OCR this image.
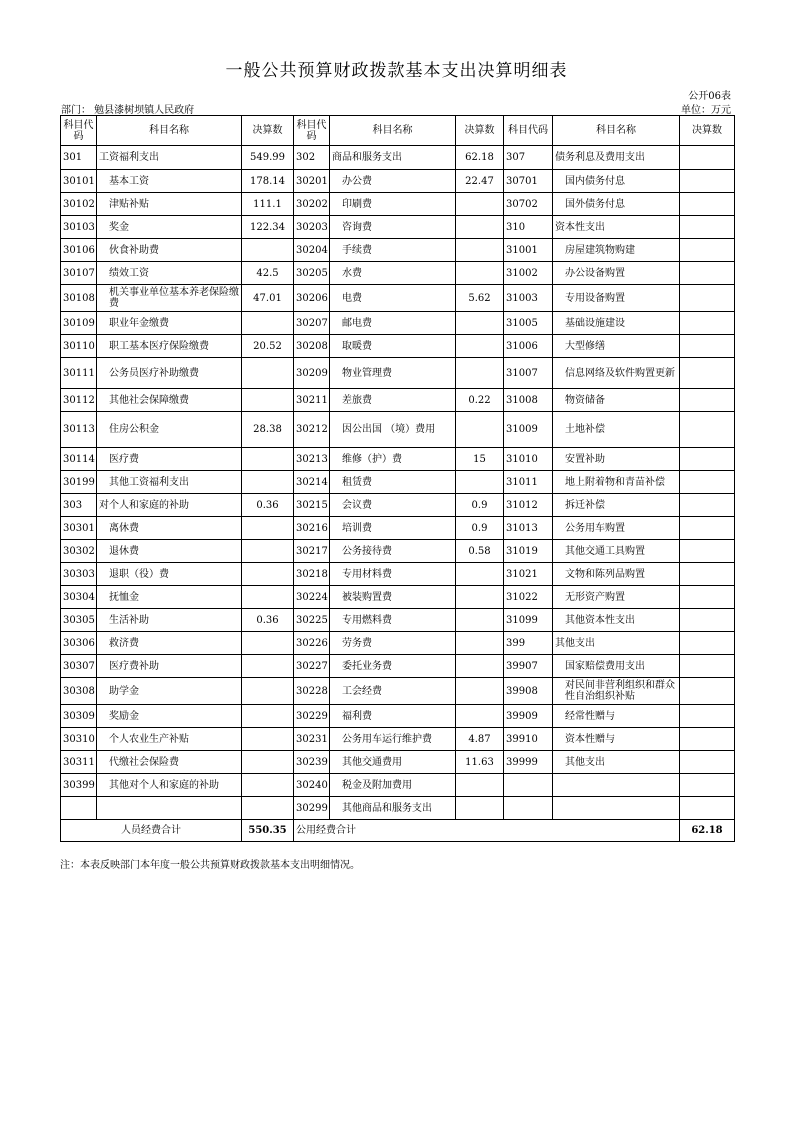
一般公共预算财政拨款基本支出决算明细表
公开06表
部门： 勉县漆树坝镇人民政府	单位：万元
科目代码	科目名称	决算数	科目代码	科目名称	决算数	科目代码	科目名称	决算数
301	工资福利支出	549.99	302	商品和服务支出	62.18	307	债务利息及费用支出	
30101	基本工资	178.14	30201	办公费	22.47	30701	国内债务付息	
30102	津贴补贴	111.1	30202	印刷费		30702	国外债务付息	
30103	奖金	122.34	30203	咨询费		310	资本性支出	
30106	伙食补助费		30204	手续费		31001	房屋建筑物购建	
30107	绩效工资	42.5	30205	水费		31002	办公设备购置	
30108	机关事业单位基本养老保险缴费	47.01	30206	电费	5.62	31003	专用设备购置	
30109	职业年金缴费		30207	邮电费		31005	基础设施建设	
30110	职工基本医疗保险缴费	20.52	30208	取暖费		31006	大型修缮	
30111	公务员医疗补助缴费		30209	物业管理费		31007	信息网络及软件购置更新	
30112	其他社会保障缴费		30211	差旅费	0.22	31008	物资储备	
30113	住房公积金	28.38	30212	因公出国 （境）费用		31009	土地补偿	
30114	医疗费		30213	维修（护）费	15	31010	安置补助	
30199	其他工资福利支出		30214	租赁费		31011	地上附着物和青苗补偿	
303	对个人和家庭的补助	0.36	30215	会议费	0.9	31012	拆迁补偿	
30301	离休费		30216	培训费	0.9	31013	公务用车购置	
30302	退休费		30217	公务接待费	0.58	31019	其他交通工具购置	
30303	退职（役）费		30218	专用材料费		31021	文物和陈列品购置	
30304	抚恤金		30224	被装购置费		31022	无形资产购置	
30305	生活补助	0.36	30225	专用燃料费		31099	其他资本性支出	
30306	救济费		30226	劳务费		399	其他支出	
30307	医疗费补助		30227	委托业务费		39907	国家赔偿费用支出	
30308	助学金		30228	工会经费		39908	对民间非营利组织和群众性自治组织补贴	
30309	奖励金		30229	福利费		39909	经常性赠与	
30310	个人农业生产补贴		30231	公务用车运行维护费	4.87	39910	资本性赠与	
30311	代缴社会保险费		30239	其他交通费用	11.63	39999	其他支出	
30399	其他对个人和家庭的补助		30240	税金及附加费用				
			30299	其他商品和服务支出				
人员经费合计		550.35	公用经费合计					62.18
注：本表反映部门本年度一般公共预算财政拨款基本支出明细情况。
